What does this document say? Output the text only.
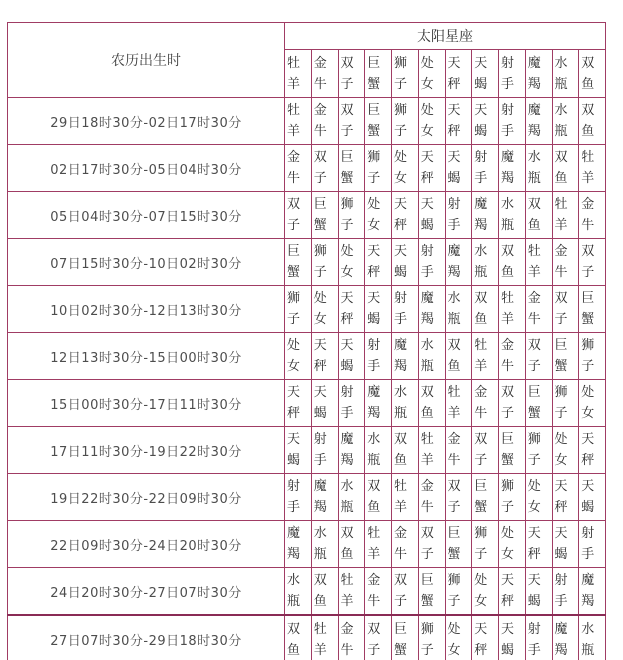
农历出生时	太阳星座											
	牡羊	金牛	双子	巨蟹	狮子	处女	天秤	天蝎	射手	魔羯	水瓶	双鱼
29日18时30分-02日17时30分	牡羊	金牛	双子	巨蟹	狮子	处女	天秤	天蝎	射手	魔羯	水瓶	双鱼
02日17时30分-05日04时30分	金牛	双子	巨蟹	狮子	处女	天秤	天蝎	射手	魔羯	水瓶	双鱼	牡羊
05日04时30分-07日15时30分	双子	巨蟹	狮子	处女	天秤	天蝎	射手	魔羯	水瓶	双鱼	牡羊	金牛
07日15时30分-10日02时30分	巨蟹	狮子	处女	天秤	天蝎	射手	魔羯	水瓶	双鱼	牡羊	金牛	双子
10日02时30分-12日13时30分	狮子	处女	天秤	天蝎	射手	魔羯	水瓶	双鱼	牡羊	金牛	双子	巨蟹
12日13时30分-15日00时30分	处女	天秤	天蝎	射手	魔羯	水瓶	双鱼	牡羊	金牛	双子	巨蟹	狮子
15日00时30分-17日11时30分	天秤	天蝎	射手	魔羯	水瓶	双鱼	牡羊	金牛	双子	巨蟹	狮子	处女
17日11时30分-19日22时30分	天蝎	射手	魔羯	水瓶	双鱼	牡羊	金牛	双子	巨蟹	狮子	处女	天秤
19日22时30分-22日09时30分	射手	魔羯	水瓶	双鱼	牡羊	金牛	双子	巨蟹	狮子	处女	天秤	天蝎
22日09时30分-24日20时30分	魔羯	水瓶	双鱼	牡羊	金牛	双子	巨蟹	狮子	处女	天秤	天蝎	射手
24日20时30分-27日07时30分	水瓶	双鱼	牡羊	金牛	双子	巨蟹	狮子	处女	天秤	天蝎	射手	魔羯
27日07时30分-29日18时30分	双鱼	牡羊	金牛	双子	巨蟹	狮子	处女	天秤	天蝎	射手	魔羯	水瓶
